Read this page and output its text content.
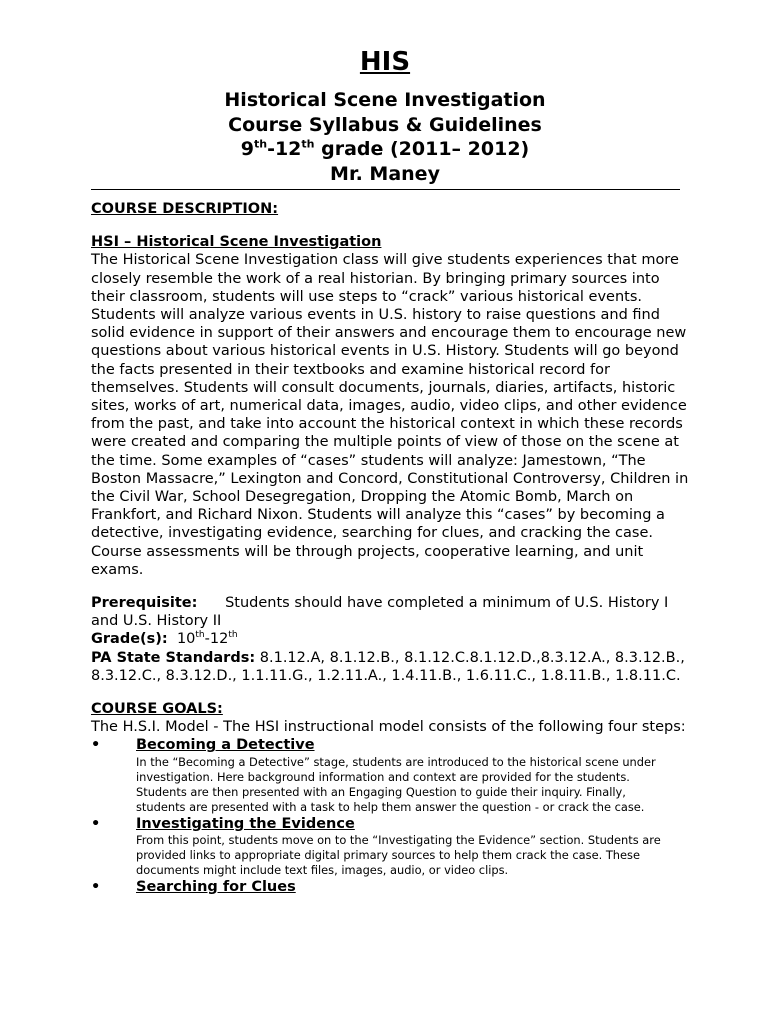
HIS
Historical Scene Investigation
Course Syllabus & Guidelines
9th-12th grade (2011– 2012)
Mr. Maney

COURSE DESCRIPTION:

HSI – Historical Scene Investigation

The Historical Scene Investigation class will give students experiences that more closely resemble the work of a real historian. By bringing primary sources into their classroom, students will use steps to “crack” various historical events. Students will analyze various events in U.S. history to raise questions and find solid evidence in support of their answers and encourage them to encourage new questions about various historical events in U.S. History. Students will go beyond the facts presented in their textbooks and examine historical record for themselves. Students will consult documents, journals, diaries, artifacts, historic sites, works of art, numerical data, images, audio, video clips, and other evidence from the past, and take into account the historical context in which these records were created and comparing the multiple points of view of those on the scene at the time. Some examples of “cases” students will analyze: Jamestown, “The Boston Massacre,” Lexington and Concord, Constitutional Controversy, Children in the Civil War, School Desegregation, Dropping the Atomic Bomb, March on Frankfort, and Richard Nixon. Students will analyze this “cases” by becoming a detective, investigating evidence, searching for clues, and cracking the case. Course assessments will be through projects, cooperative learning, and unit exams.

Prerequisite: Students should have completed a minimum of U.S. History I and U.S. History II

Grade(s): 10th-12th

PA State Standards: 8.1.12.A, 8.1.12.B., 8.1.12.C.8.1.12.D.,8.3.12.A., 8.3.12.B., 8.3.12.C., 8.3.12.D., 1.1.11.G., 1.2.11.A., 1.4.11.B., 1.6.11.C., 1.8.11.B., 1.8.11.C.

COURSE GOALS:

The H.S.I. Model - The HSI instructional model consists of the following four steps:

• Becoming a Detective

In the “Becoming a Detective” stage, students are introduced to the historical scene under investigation. Here background information and context are provided for the students. Students are then presented with an Engaging Question to guide their inquiry. Finally, students are presented with a task to help them answer the question - or crack the case.

• Investigating the Evidence

From this point, students move on to the “Investigating the Evidence” section. Students are provided links to appropriate digital primary sources to help them crack the case. These documents might include text files, images, audio, or video clips.

• Searching for Clues
